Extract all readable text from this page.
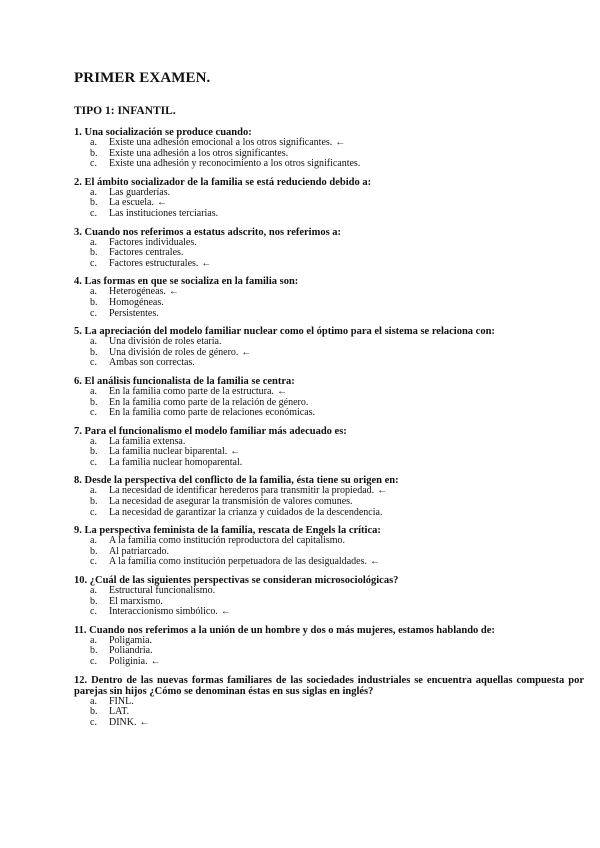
PRIMER EXAMEN.
TIPO 1: INFANTIL.

1. Una socialización se produce cuando:

a. Existe una adhesión emocional a los otros significantes. ←
b. Existe una adhesión a los otros significantes.
c. Existe una adhesión y reconocimiento a los otros significantes.

2. El ámbito socializador de la familia se está reduciendo debido a:

a. Las guarderías.
b. La escuela. ←
c. Las instituciones terciarias.

3. Cuando nos referimos a estatus adscrito, nos referimos a:

a. Factores individuales.
b. Factores centrales.
c. Factores estructurales. ←

4. Las formas en que se socializa en la familia son:

a. Heterogéneas. ←
b. Homogéneas.
c. Persistentes.

5. La apreciación del modelo familiar nuclear como el óptimo para el sistema se relaciona con:

a. Una división de roles etaria.
b. Una división de roles de género. ←
c. Ambas son correctas.

6. El análisis funcionalista de la familia se centra:

a. En la familia como parte de la estructura. ←
b. En la familia como parte de la relación de género.
c. En la familia como parte de relaciones económicas.

7. Para el funcionalismo el modelo familiar más adecuado es:

a. La familia extensa.
b. La familia nuclear biparental. ←
c. La familia nuclear homoparental.

8. Desde la perspectiva del conflicto de la familia, ésta tiene su origen en:

a. La necesidad de identificar herederos para transmitir la propiedad. ←
b. La necesidad de asegurar la transmisión de valores comunes.
c. La necesidad de garantizar la crianza y cuidados de la descendencia.

9. La perspectiva feminista de la familia, rescata de Engels la crítica:

a. A la familia como institución reproductora del capitalismo.
b. Al patriarcado.
c. A la familia como institución perpetuadora de las desigualdades. ←

10. ¿Cuál de las siguientes perspectivas se consideran microsociológicas?

a. Estructural funcionalismo.
b. El marxismo.
c. Interaccionismo simbólico. ←

11. Cuando nos referimos a la unión de un hombre y dos o más mujeres, estamos hablando de:

a. Poligamia.
b. Poliandria.
c. Poliginia. ←

12. Dentro de las nuevas formas familiares de las sociedades industriales se encuentra aquellas compuesta por parejas sin hijos ¿Cómo se denominan éstas en sus siglas en inglés?

a. FINL.
b. LAT.
c. DINK. ←
